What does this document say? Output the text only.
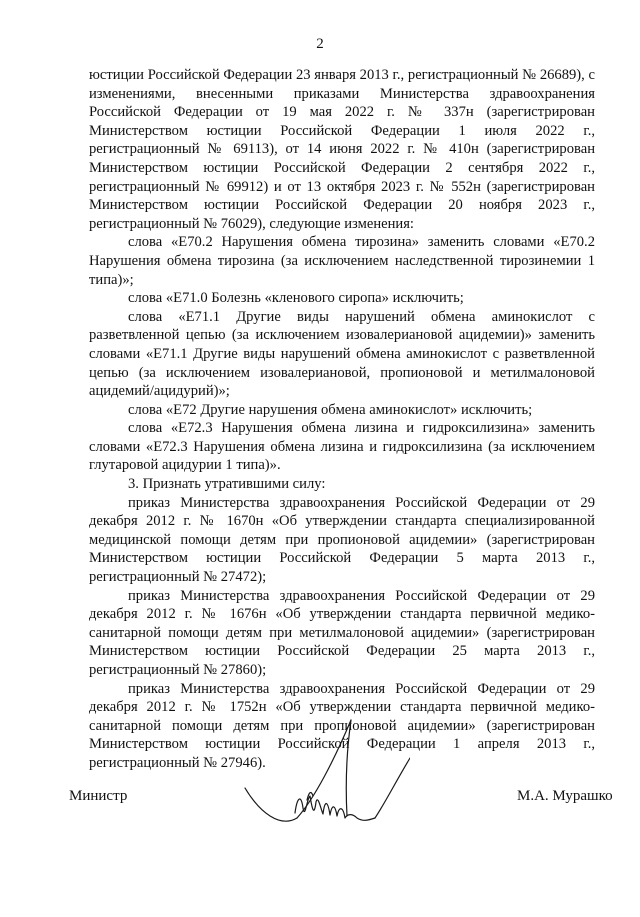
2

юстиции Российской Федерации 23 января 2013 г., регистрационный № 26689), с изменениями, внесенными приказами Министерства здравоохранения Российской Федерации от 19 мая 2022 г. № 337н (зарегистрирован Министерством юстиции Российской Федерации 1 июля 2022 г., регистрационный № 69113), от 14 июня 2022 г. № 410н (зарегистрирован Министерством юстиции Российской Федерации 2 сентября 2022 г., регистрационный № 69912) и от 13 октября 2023 г. № 552н (зарегистрирован Министерством юстиции Российской Федерации 20 ноября 2023 г., регистрационный № 76029), следующие изменения:

слова «Е70.2 Нарушения обмена тирозина» заменить словами «Е70.2 Нарушения обмена тирозина (за исключением наследственной тирозинемии 1 типа)»;

слова «Е71.0 Болезнь «кленового сиропа» исключить;

слова «Е71.1 Другие виды нарушений обмена аминокислот с разветвленной цепью (за исключением изовалериановой ацидемии)» заменить словами «Е71.1 Другие виды нарушений обмена аминокислот с разветвленной цепью (за исключением изовалериановой, пропионовой и метилмалоновой ацидемий/ацидурий)»;

слова «Е72 Другие нарушения обмена аминокислот» исключить;

слова «Е72.3 Нарушения обмена лизина и гидроксилизина» заменить словами «Е72.3 Нарушения обмена лизина и гидроксилизина (за исключением глутаровой ацидурии 1 типа)».

3. Признать утратившими силу:

приказ Министерства здравоохранения Российской Федерации от 29 декабря 2012 г. № 1670н «Об утверждении стандарта специализированной медицинской помощи детям при пропионовой ацидемии» (зарегистрирован Министерством юстиции Российской Федерации 5 марта 2013 г., регистрационный № 27472);

приказ Министерства здравоохранения Российской Федерации от 29 декабря 2012 г. № 1676н «Об утверждении стандарта первичной медико-санитарной помощи детям при метилмалоновой ацидемии» (зарегистрирован Министерством юстиции Российской Федерации 25 марта 2013 г., регистрационный № 27860);

приказ Министерства здравоохранения Российской Федерации от 29 декабря 2012 г. № 1752н «Об утверждении стандарта первичной медико-санитарной помощи детям при пропионовой ацидемии» (зарегистрирован Министерством юстиции Российской Федерации 1 апреля 2013 г., регистрационный № 27946).

Министр	М.А. Мурашко
